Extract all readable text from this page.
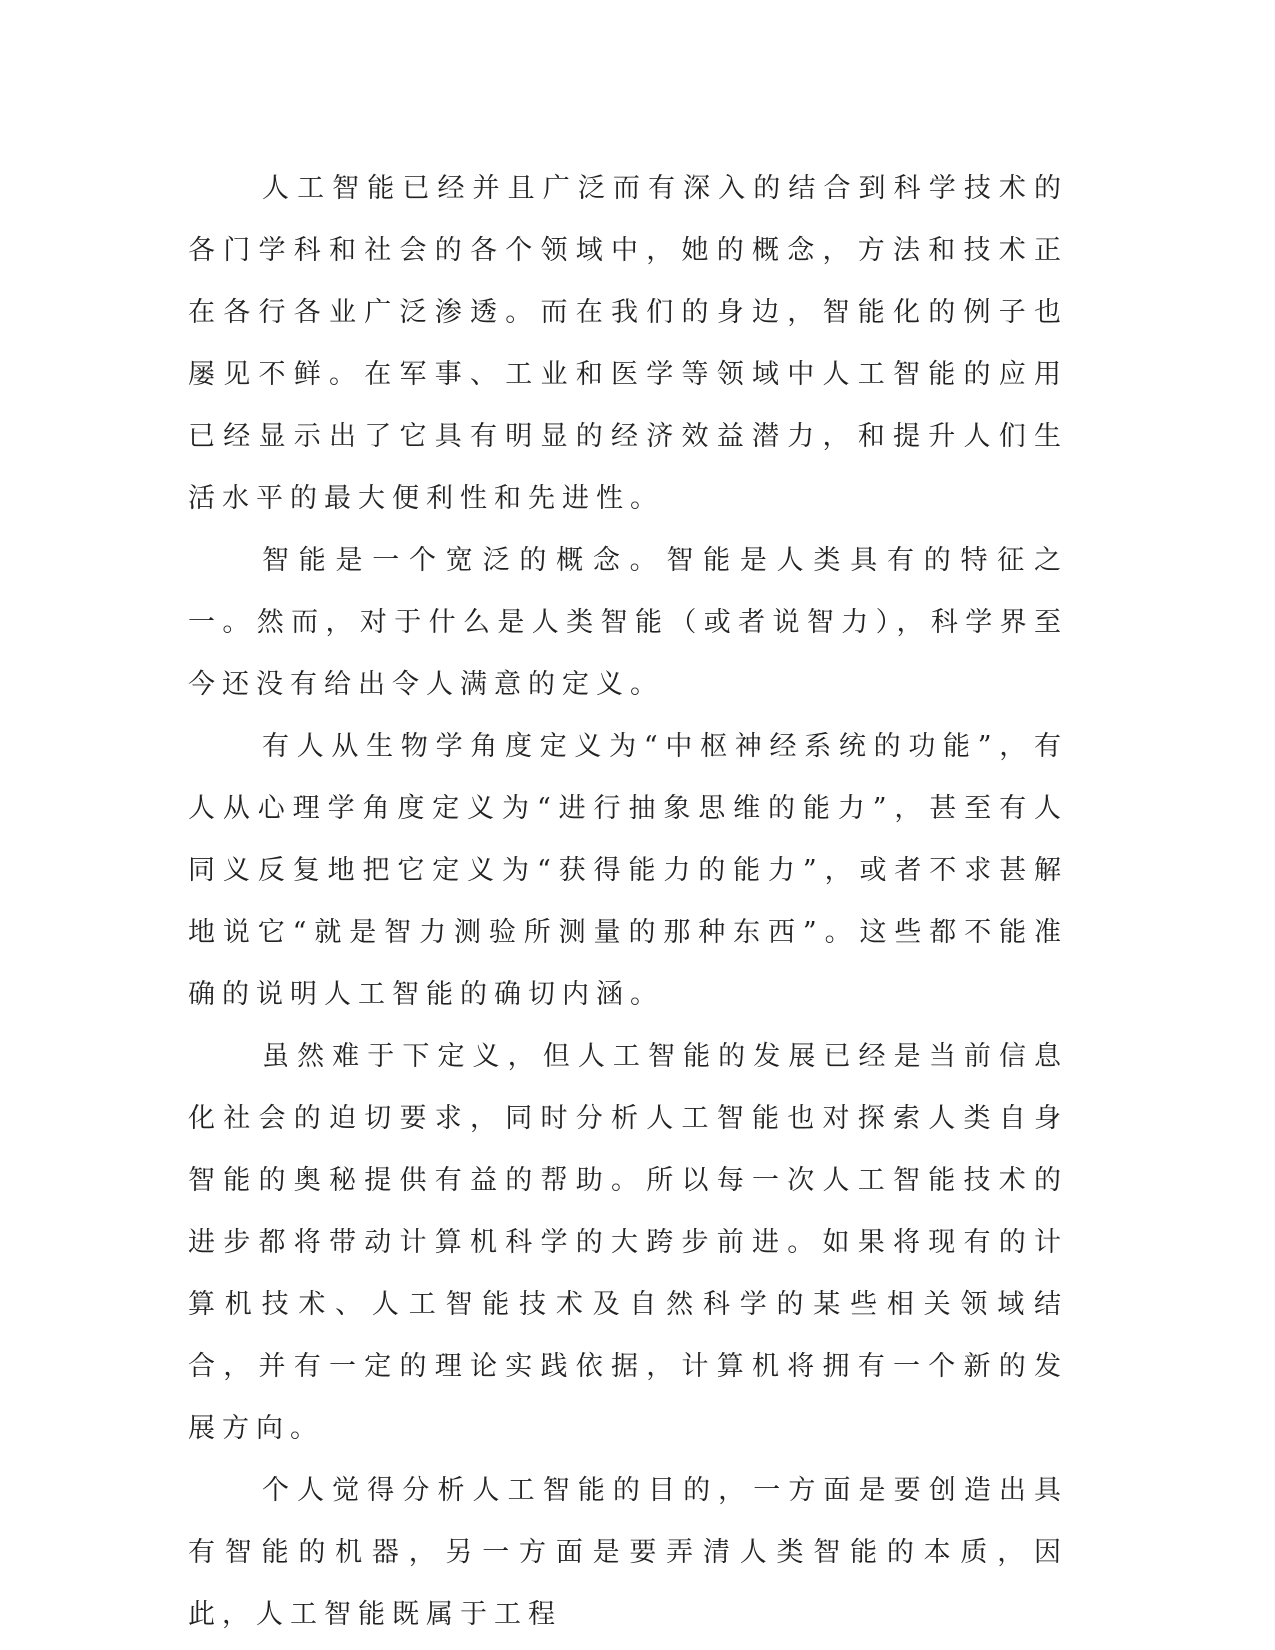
人工智能已经并且广泛而有深入的结合到科学技术的各门学科和社会的各个领域中，她的概念，方法和技术正在各行各业广泛渗透。而在我们的身边，智能化的例子也屡见不鲜。在军事、工业和医学等领域中人工智能的应用已经显示出了它具有明显的经济效益潜力，和提升人们生活水平的最大便利性和先进性。

智能是一个宽泛的概念。智能是人类具有的特征之一。然而，对于什么是人类智能（或者说智力），科学界至今还没有给出令人满意的定义。

有人从生物学角度定义为“中枢神经系统的功能”，有人从心理学角度定义为“进行抽象思维的能力”，甚至有人同义反复地把它定义为“获得能力的能力”，或者不求甚解地说它“就是智力测验所测量的那种东西”。这些都不能准确的说明人工智能的确切内涵。

虽然难于下定义，但人工智能的发展已经是当前信息化社会的迫切要求，同时分析人工智能也对探索人类自身智能的奥秘提供有益的帮助。所以每一次人工智能技术的进步都将带动计算机科学的大跨步前进。如果将现有的计算机技术、人工智能技术及自然科学的某些相关领域结合，并有一定的理论实践依据，计算机将拥有一个新的发展方向。

个人觉得分析人工智能的目的，一方面是要创造出具有智能的机器，另一方面是要弄清人类智能的本质，因此，人工智能既属于工程
